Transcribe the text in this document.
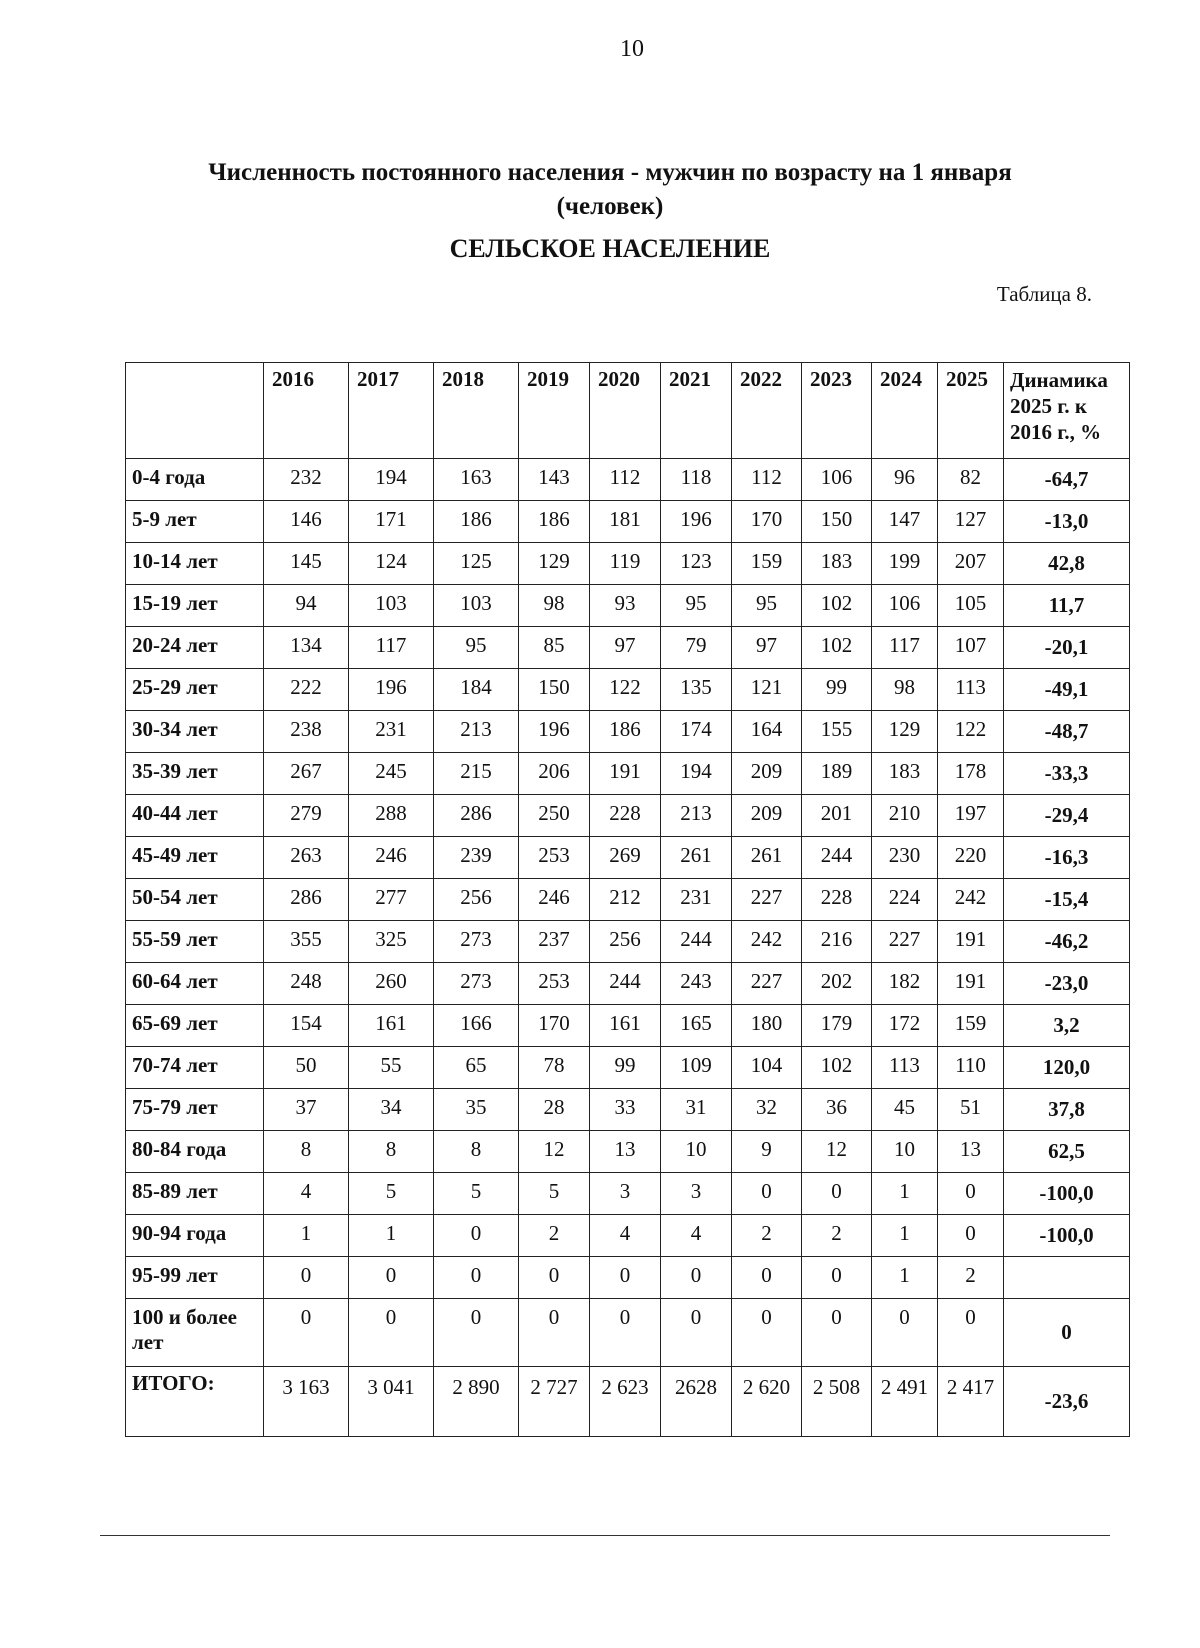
10
Численность постоянного населения - мужчин по возрасту на 1 января
(человек)
СЕЛЬСКОЕ НАСЕЛЕНИЕ
Таблица 8.
	2016	2017	2018	2019	2020	2021	2022	2023	2024	2025	Динамика 2025 г. к 2016 г., %
0-4 года	232	194	163	143	112	118	112	106	96	82	-64,7
5-9 лет	146	171	186	186	181	196	170	150	147	127	-13,0
10-14 лет	145	124	125	129	119	123	159	183	199	207	42,8
15-19 лет	94	103	103	98	93	95	95	102	106	105	11,7
20-24 лет	134	117	95	85	97	79	97	102	117	107	-20,1
25-29 лет	222	196	184	150	122	135	121	99	98	113	-49,1
30-34 лет	238	231	213	196	186	174	164	155	129	122	-48,7
35-39 лет	267	245	215	206	191	194	209	189	183	178	-33,3
40-44 лет	279	288	286	250	228	213	209	201	210	197	-29,4
45-49 лет	263	246	239	253	269	261	261	244	230	220	-16,3
50-54 лет	286	277	256	246	212	231	227	228	224	242	-15,4
55-59 лет	355	325	273	237	256	244	242	216	227	191	-46,2
60-64 лет	248	260	273	253	244	243	227	202	182	191	-23,0
65-69 лет	154	161	166	170	161	165	180	179	172	159	3,2
70-74 лет	50	55	65	78	99	109	104	102	113	110	120,0
75-79 лет	37	34	35	28	33	31	32	36	45	51	37,8
80-84 года	8	8	8	12	13	10	9	12	10	13	62,5
85-89 лет	4	5	5	5	3	3	0	0	1	0	-100,0
90-94 года	1	1	0	2	4	4	2	2	1	0	-100,0
95-99 лет	0	0	0	0	0	0	0	0	1	2	
100 и более лет	0	0	0	0	0	0	0	0	0	0	0
ИТОГО:	3 163	3 041	2 890	2 727	2 623	2628	2 620	2 508	2 491	2 417	-23,6
